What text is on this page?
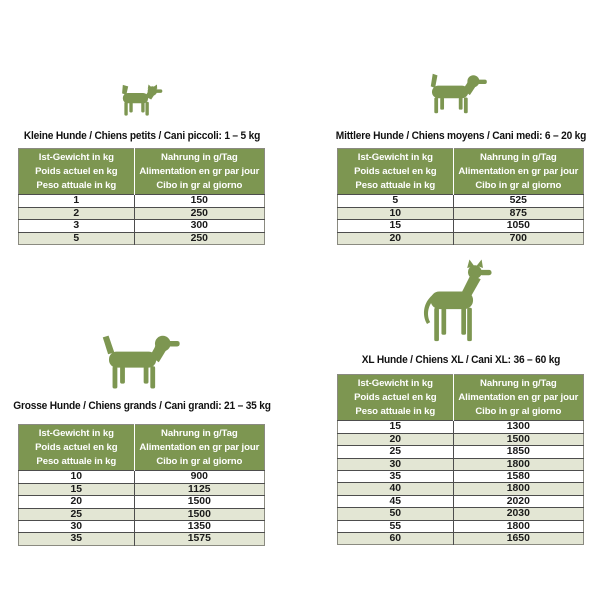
Kleine Hunde / Chiens petits / Cani piccoli: 1 – 5 kg
Ist-Gewicht in kg
Poids actuel en kg
Peso attuale in kg

Nahrung in g/Tag
Alimentation en gr par jour
Cibo in gr al giorno

1	150
2	250
3	300
5	250
Mittlere Hunde / Chiens moyens / Cani medi: 6 – 20 kg
Ist-Gewicht in kg
Poids actuel en kg
Peso attuale in kg

Nahrung in g/Tag
Alimentation en gr par jour
Cibo in gr al giorno

5	525
10	875
15	1050
20	700
Grosse Hunde / Chiens grands / Cani grandi: 21 – 35 kg
Ist-Gewicht in kg
Poids actuel en kg
Peso attuale in kg

Nahrung in g/Tag
Alimentation en gr par jour
Cibo in gr al giorno

10	900
15	1125
20	1500
25	1500
30	1350
35	1575
XL Hunde / Chiens XL / Cani XL: 36 – 60 kg
Ist-Gewicht in kg
Poids actuel en kg
Peso attuale in kg

Nahrung in g/Tag
Alimentation en gr par jour
Cibo in gr al giorno

15	1300
20	1500
25	1850
30	1800
35	1580
40	1800
45	2020
50	2030
55	1800
60	1650
